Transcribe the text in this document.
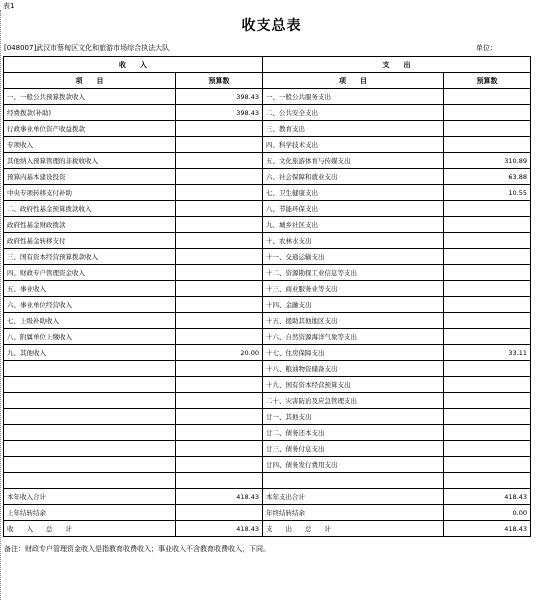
表1
收支总表
[048007]武汉市蔡甸区文化和旅游市场综合执法大队	单位：
收　　入		支　　出	
项　　目	预算数	项　　目	预算数
一、一般公共预算拨款收入	398.43	一、一般公共服务支出	
经费拨款(补助)	398.43	二、公共安全支出	
行政事业单位资产收益拨款		三、教育支出	
专项收入		四、科学技术支出	
其他纳入预算管理的非税收收入		五、文化旅游体育与传媒支出	310.89
预算内基本建设投资		六、社会保障和就业支出	63.88
中央专项转移支付补助		七、卫生健康支出	10.55
二、政府性基金预算拨款收入		八、节能环保支出	
政府性基金财政拨款		九、城乡社区支出	
政府性基金转移支付		十、农林水支出	
三、国有资本经营预算拨款收入		十一、交通运输支出	
四、财政专户管理资金收入		十二、资源勘探工业信息等支出	
五、事业收入		十三、商业服务业等支出	
六、事业单位经营收入		十四、金融支出	
七、上级补助收入		十五、援助其他地区支出	
八、附属单位上缴收入		十六、自然资源海洋气象等支出	
九、其他收入	20.00	十七、住房保障支出	33.11
		十八、粮油物资储备支出	
		十九、国有资本经营预算支出	
		二十、灾害防治及应急管理支出	
		廿一、其他支出	
		廿二、债务还本支出	
		廿三、债务付息支出	
		廿四、债务发行费用支出	

本年收入合计	418.43	本年支出合计	418.43
上年结转结余		年终结转结余	0.00
收　　入　　总　　计	418.43	支　　出　　总　　计	418.43
备注：财政专户管理资金收入是指教育收费收入；事业收入不含教育收费收入，下同。
